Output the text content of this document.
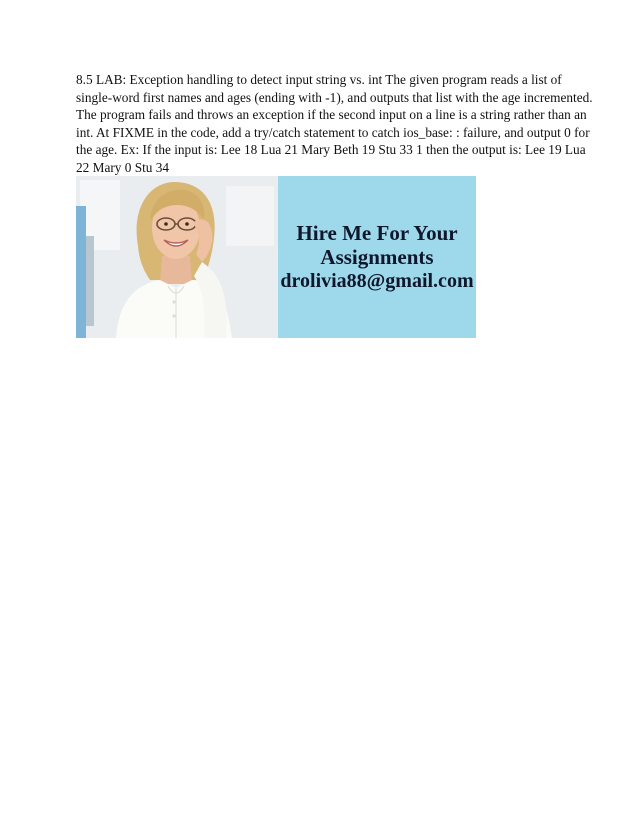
8.5 LAB: Exception handling to detect input string vs. int The given program reads a list of
single-word first names and ages (ending with -1), and outputs that list with the age incremented.
The program fails and throws an exception if the second input on a line is a string rather than an
int. At FIXME in the code, add a try/catch statement to catch ios_base: : failure, and output 0 for
the age. Ex: If the input is: Lee 18 Lua 21 Mary Beth 19 Stu 33 1 then the output is: Lee 19 Lua
22 Mary 0 Stu 34

Hire Me For Your
Assignments
drolivia88@gmail.com
